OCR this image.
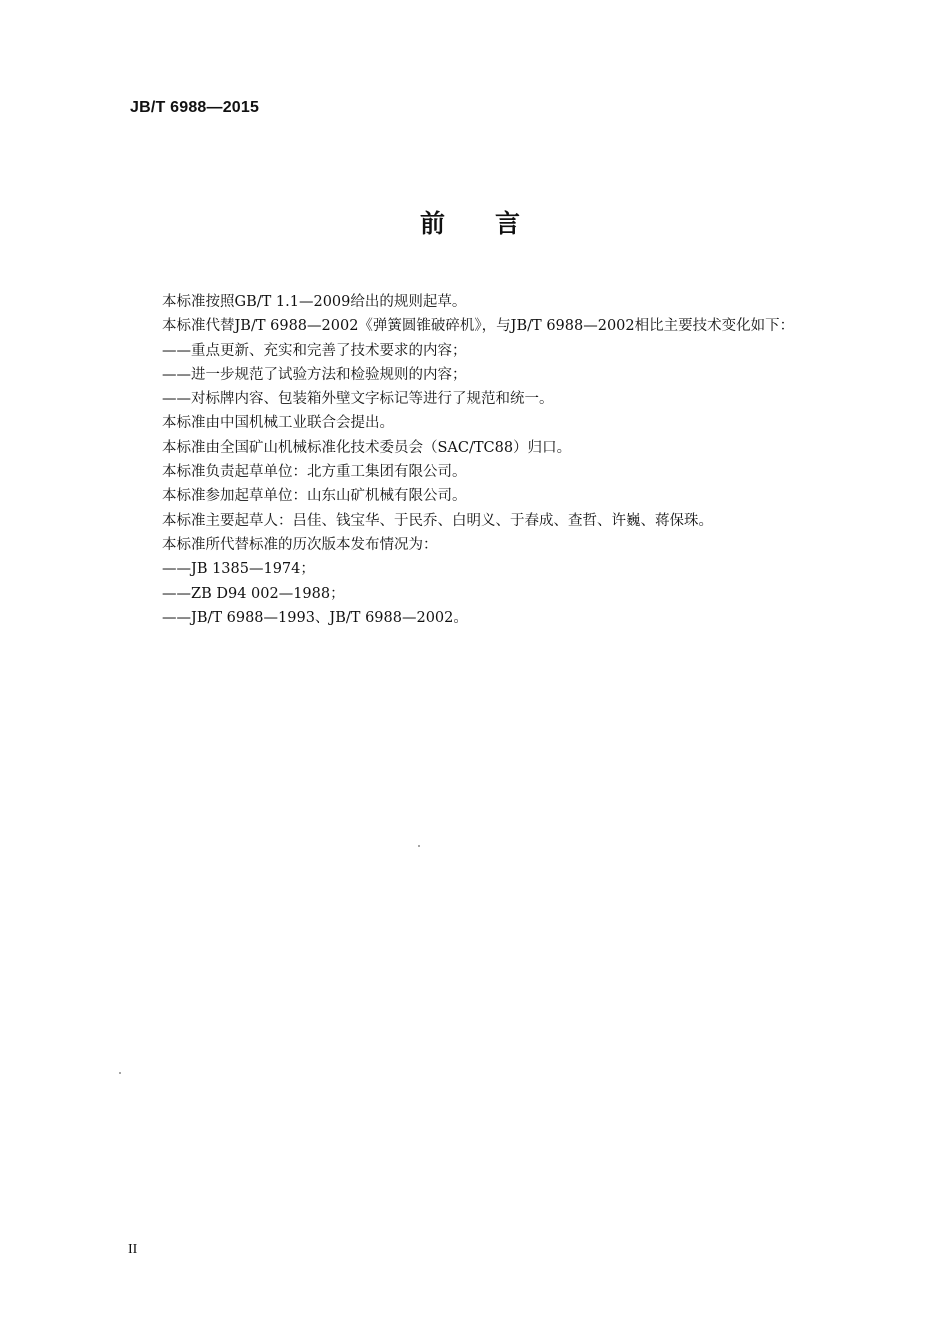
JB/T 6988—2015
前言
本标准按照GB/T 1.1—2009给出的规则起草。
本标准代替JB/T 6988—2002《弹簧圆锥破碎机》，与JB/T 6988—2002相比主要技术变化如下：
——重点更新、充实和完善了技术要求的内容；
——进一步规范了试验方法和检验规则的内容；
——对标牌内容、包装箱外壁文字标记等进行了规范和统一。
本标准由中国机械工业联合会提出。
本标准由全国矿山机械标准化技术委员会（SAC/TC88）归口。
本标准负责起草单位：北方重工集团有限公司。
本标准参加起草单位：山东山矿机械有限公司。
本标准主要起草人：吕佳、钱宝华、于民乔、白明义、于春成、查哲、许巍、蒋保珠。
本标准所代替标准的历次版本发布情况为：
——JB 1385—1974；
——ZB D94 002—1988；
——JB/T 6988—1993、JB/T 6988—2002。
II
